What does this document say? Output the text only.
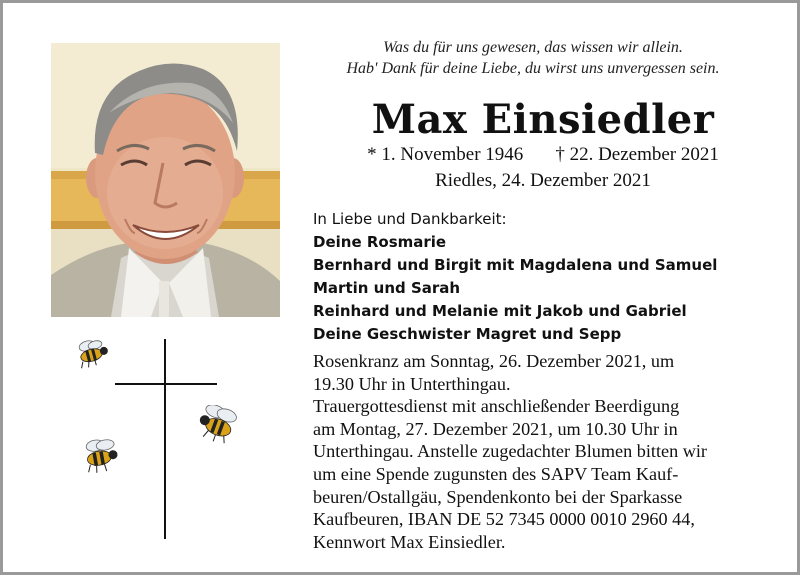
Was du für uns gewesen, das wissen wir allein.
Hab' Dank für deine Liebe, du wirst uns unvergessen sein.
Max Einsiedler
* 1. November 1946 † 22. Dezember 2021
Riedles, 24. Dezember 2021
In Liebe und Dankbarkeit:
Deine Rosmarie
Bernhard und Birgit mit Magdalena und Samuel
Martin und Sarah
Reinhard und Melanie mit Jakob und Gabriel
Deine Geschwister Magret und Sepp
Rosenkranz am Sonntag, 26. Dezember 2021, um
19.30 Uhr in Unterthingau.
Trauergottesdienst mit anschließender Beerdigung
am Montag, 27. Dezember 2021, um 10.30 Uhr in
Unterthingau. Anstelle zugedachter Blumen bitten wir
um eine Spende zugunsten des SAPV Team Kauf-
beuren/Ostallgäu, Spendenkonto bei der Sparkasse
Kaufbeuren, IBAN DE 52 7345 0000 0010 2960 44,
Kennwort Max Einsiedler.
